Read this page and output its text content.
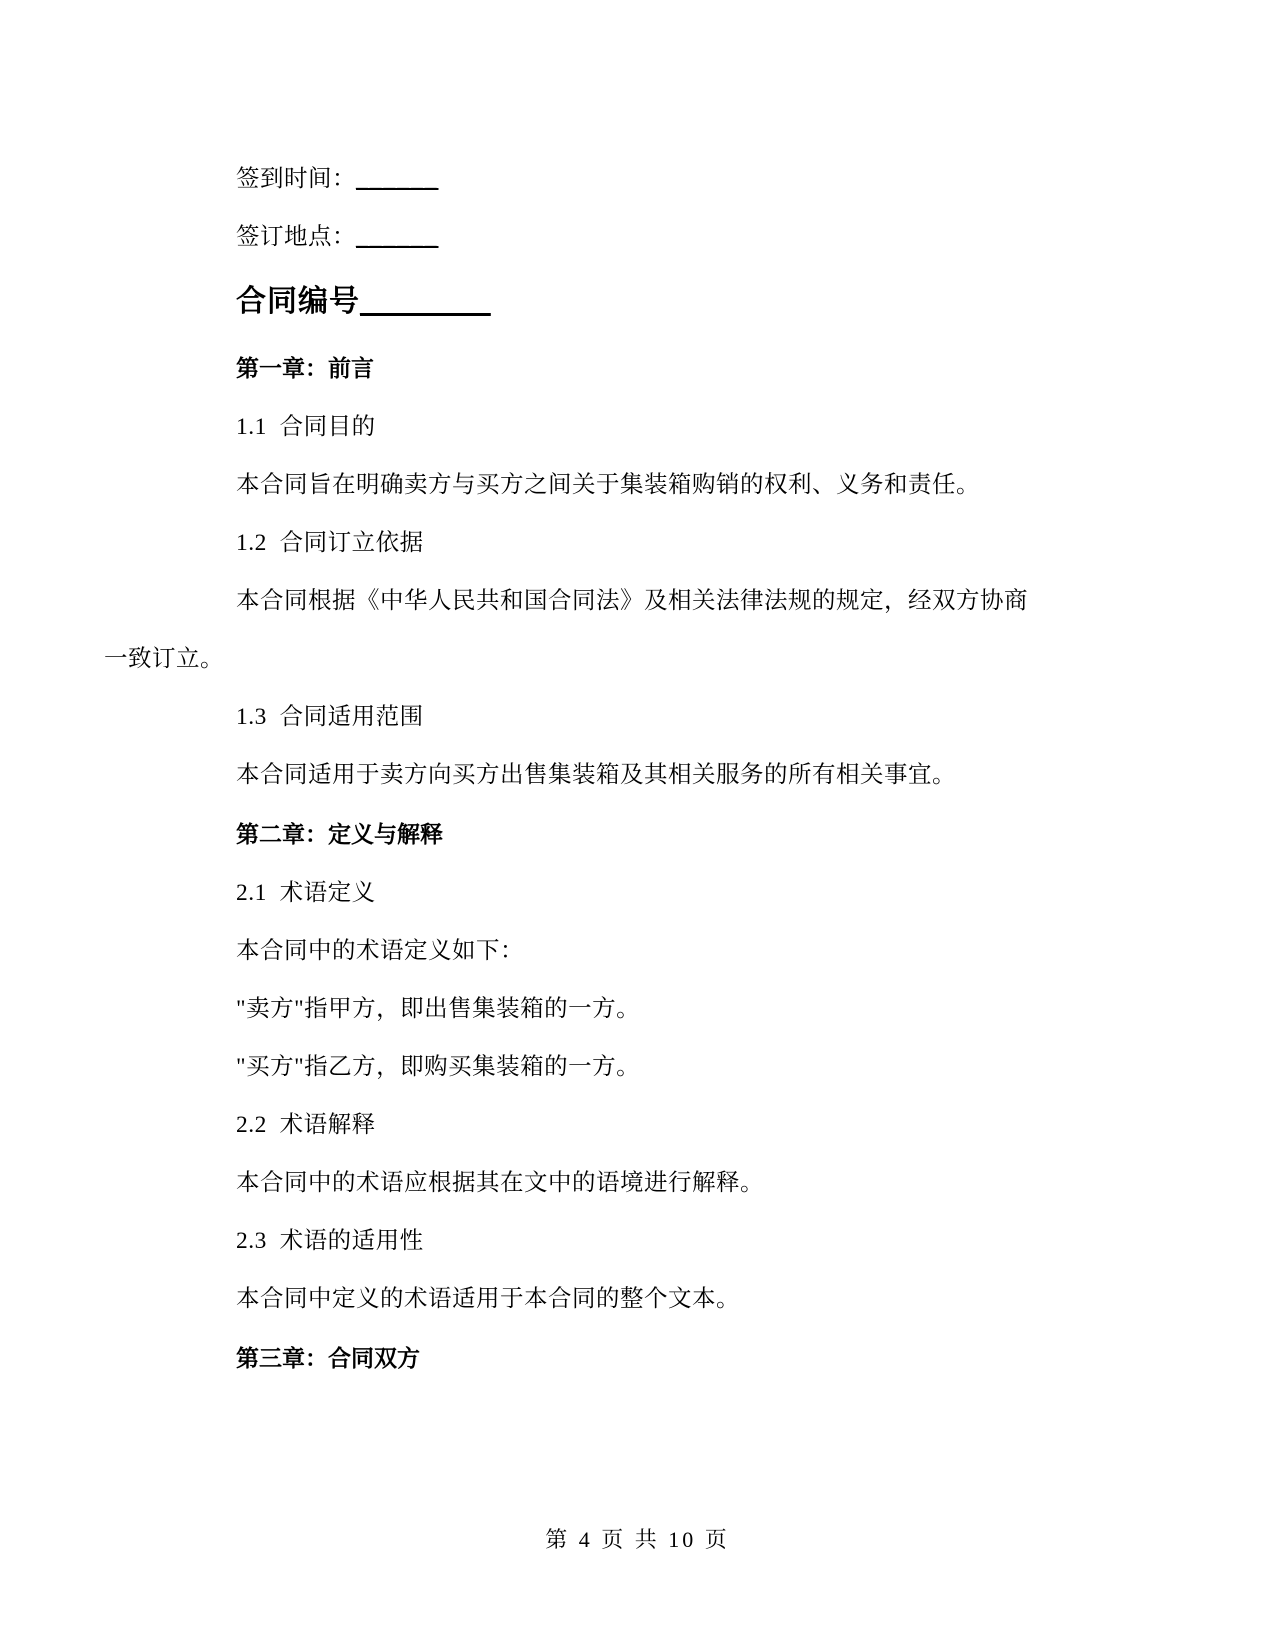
签到时间：______
签订地点：______
合同编号_______
第一章：前言
1.1  合同目的
本合同旨在明确卖方与买方之间关于集装箱购销的权利、义务和责任。
1.2  合同订立依据
本合同根据《中华人民共和国合同法》及相关法律法规的规定，经双方协商
一致订立。
1.3  合同适用范围
本合同适用于卖方向买方出售集装箱及其相关服务的所有相关事宜。
第二章：定义与解释
2.1  术语定义
本合同中的术语定义如下：
"卖方"指甲方，即出售集装箱的一方。
"买方"指乙方，即购买集装箱的一方。
2.2  术语解释
本合同中的术语应根据其在文中的语境进行解释。
2.3  术语的适用性
本合同中定义的术语适用于本合同的整个文本。
第三章：合同双方
第 4 页 共 10 页
